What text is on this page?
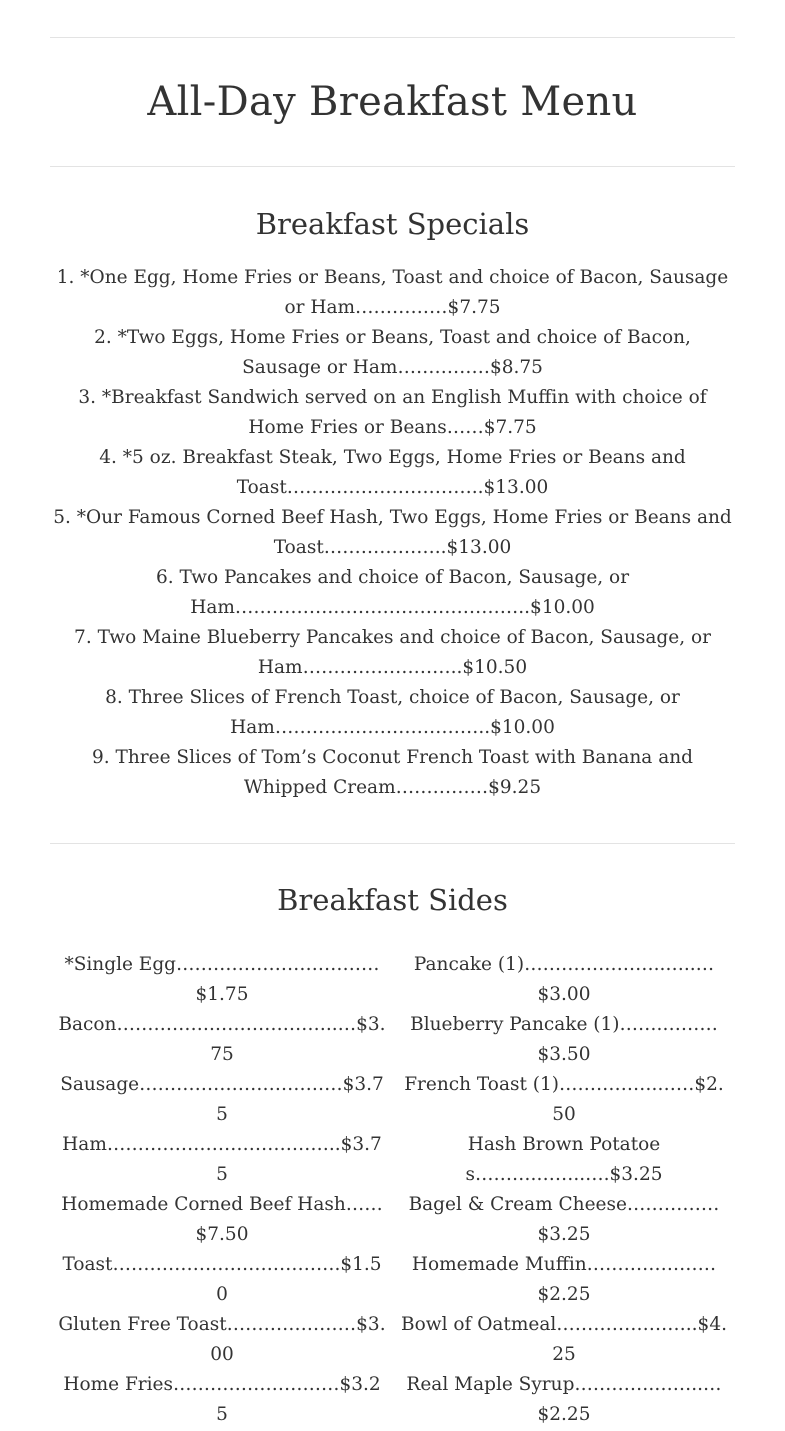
All-Day Breakfast Menu
Breakfast Specials
1. *One Egg, Home Fries or Beans, Toast and choice of Bacon, Sausage or Ham……………$7.75
2. *Two Eggs, Home Fries or Beans, Toast and choice of Bacon, Sausage or Ham……………$8.75
3. *Breakfast Sandwich served on an English Muffin with choice of Home Fries or Beans……$7.75
4. *5 oz. Breakfast Steak, Two Eggs, Home Fries or Beans and Toast…………………………..$13.00
5. *Our Famous Corned Beef Hash, Two Eggs, Home Fries or Beans and Toast………………..$13.00
6. Two Pancakes and choice of Bacon, Sausage, or Ham…………….…………………………..$10.00
7. Two Maine Blueberry Pancakes and choice of Bacon, Sausage, or Ham……………………..$10.50
8. Three Slices of French Toast, choice of Bacon, Sausage, or Ham……………………………..$10.00
9. Three Slices of Tom’s Coconut French Toast with Banana and Whipped Cream……………$9.25
Breakfast Sides
*Single Egg……………………………$1.75
Bacon…………….………………..…$3.75
Sausage……………………………$3.75
Ham………………………………..$3.75
Homemade Corned Beef Hash……$7.50
Toast……………………………….$1.50
Gluten Free Toast…………………$3.00
Home Fries………………………$3.25
Pancake (1)…………………..…..…$3.00
Blueberry Pancake (1)…….………$3.50
French Toast (1)…………….……$2.50
Hash Brown Potatoes……….……..….$3.25
Bagel & Cream Cheese……………$3.25
Homemade Muffin…………………$2.25
Bowl of Oatmeal…………………..$4.25
Real Maple Syrup………….……..…$2.25
